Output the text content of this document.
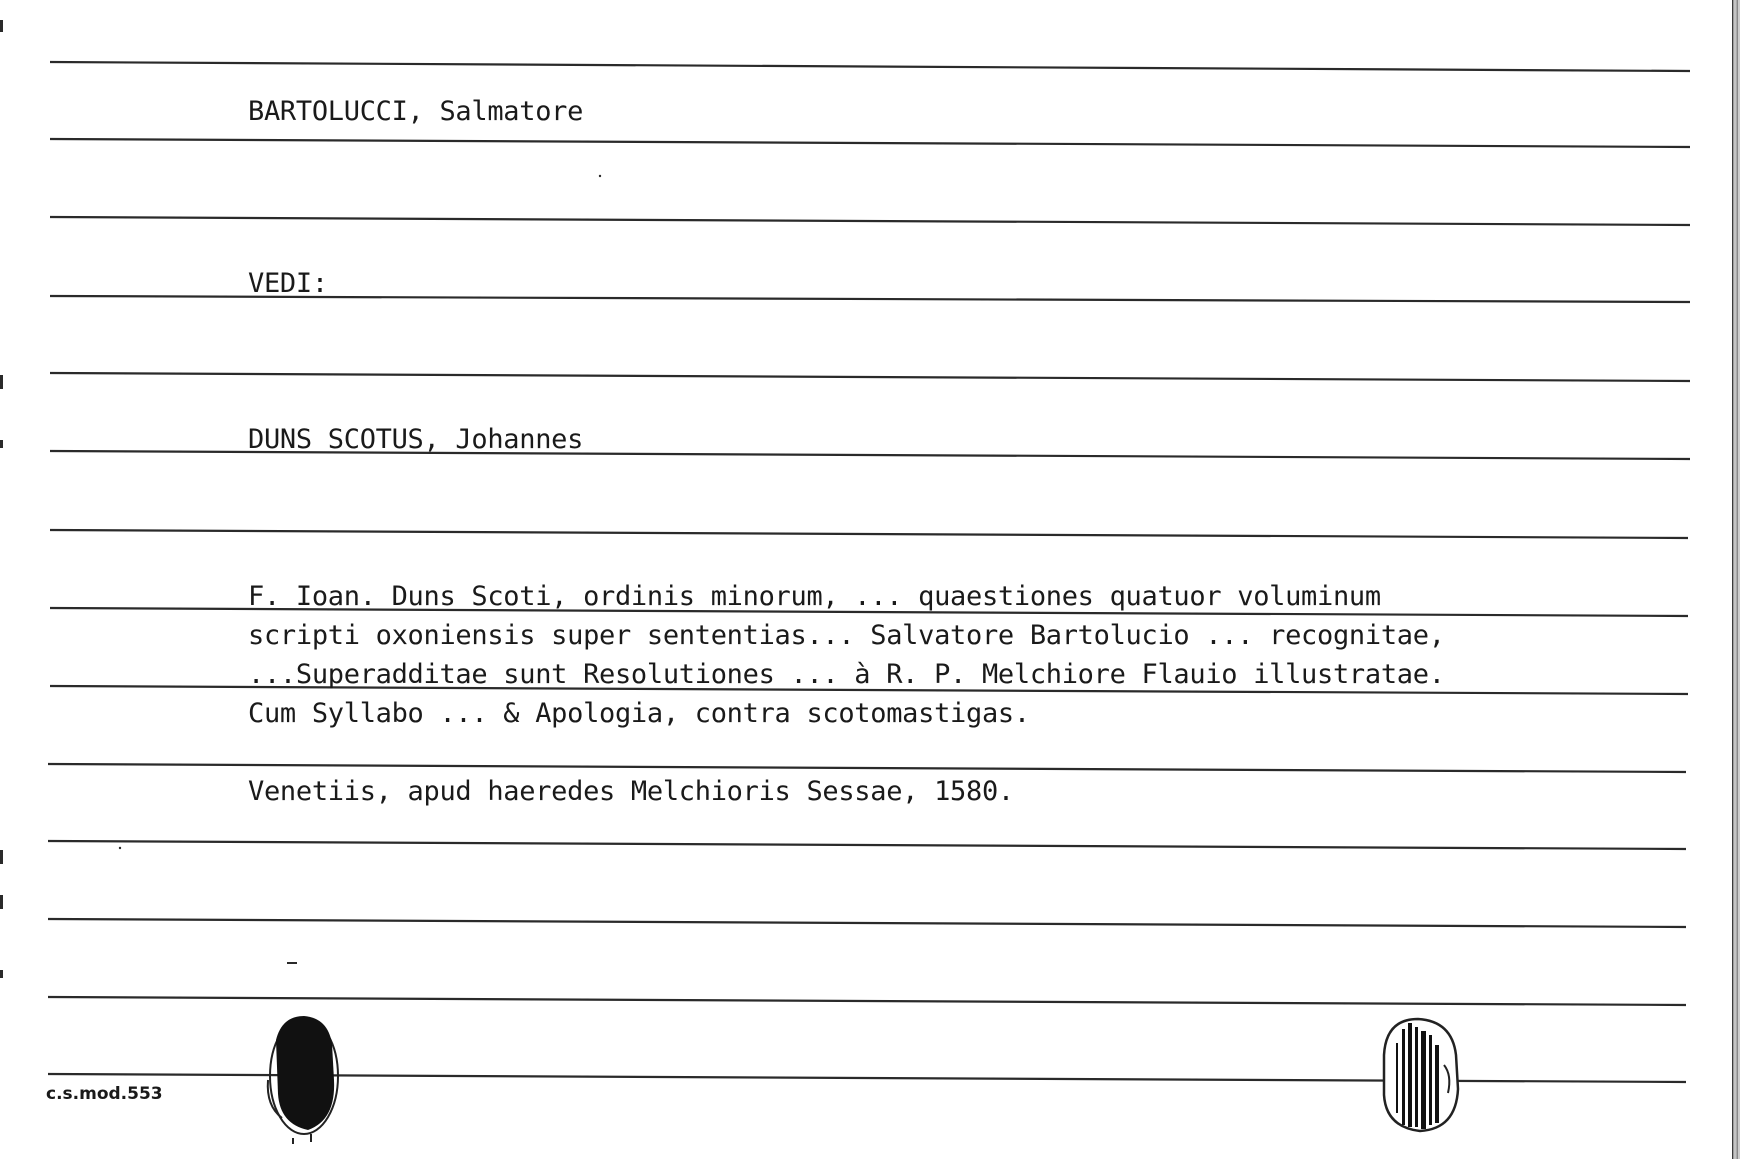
BARTOLUCCI, Salmatore
VEDI:
DUNS SCOTUS, Johannes
F. Ioan. Duns Scoti, ordinis minorum, ... quaestiones quatuor voluminum
scripti oxoniensis super sententias... Salvatore Bartolucio ... recognitae,
...Superadditae sunt Resolutiones ... à R. P. Melchiore Flauio illustratae.
Cum Syllabo ... & Apologia, contra scotomastigas.
Venetiis, apud haeredes Melchioris Sessae, 1580.
c.s.mod.553
